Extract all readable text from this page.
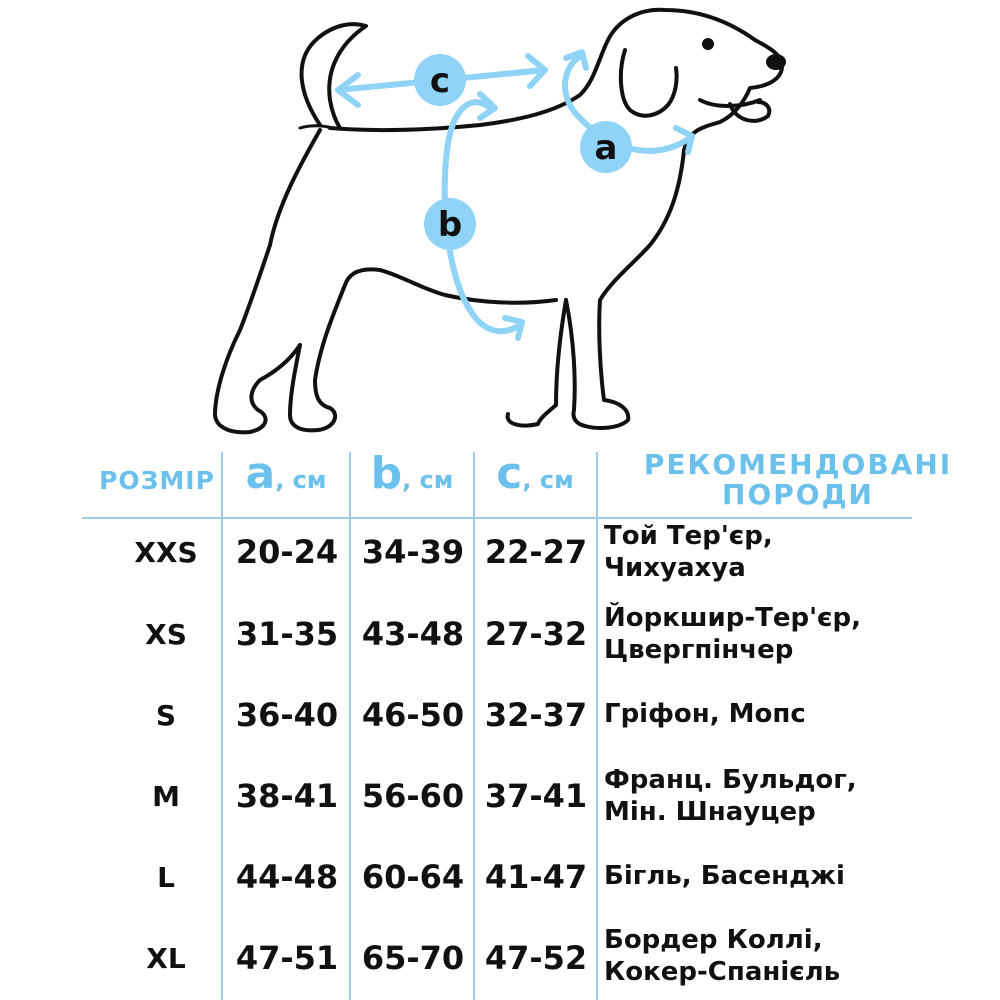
c
b
a
РОЗМІР a, см	b, см c, см	РЕКОМЕНДОВАНІ
ПОРОДИ
XXS	20-24 34-39 22-27 Той Тер'єр,
Чихуахуа
XS	31-35 43-48 27-32 Йоркшир-Тер'єр,
Цвергпінчер
S	36-40 46-50 32-37 Гріфон, Мопс
M	38-41 56-60 37-41 Франц. Бульдог,
Мін. Шнауцер
L	44-48 60-64 41-47 Бігль, Басенджі
XL	47-51 65-70 47-52 Бордер Коллі,
Кокер-Спанієль
